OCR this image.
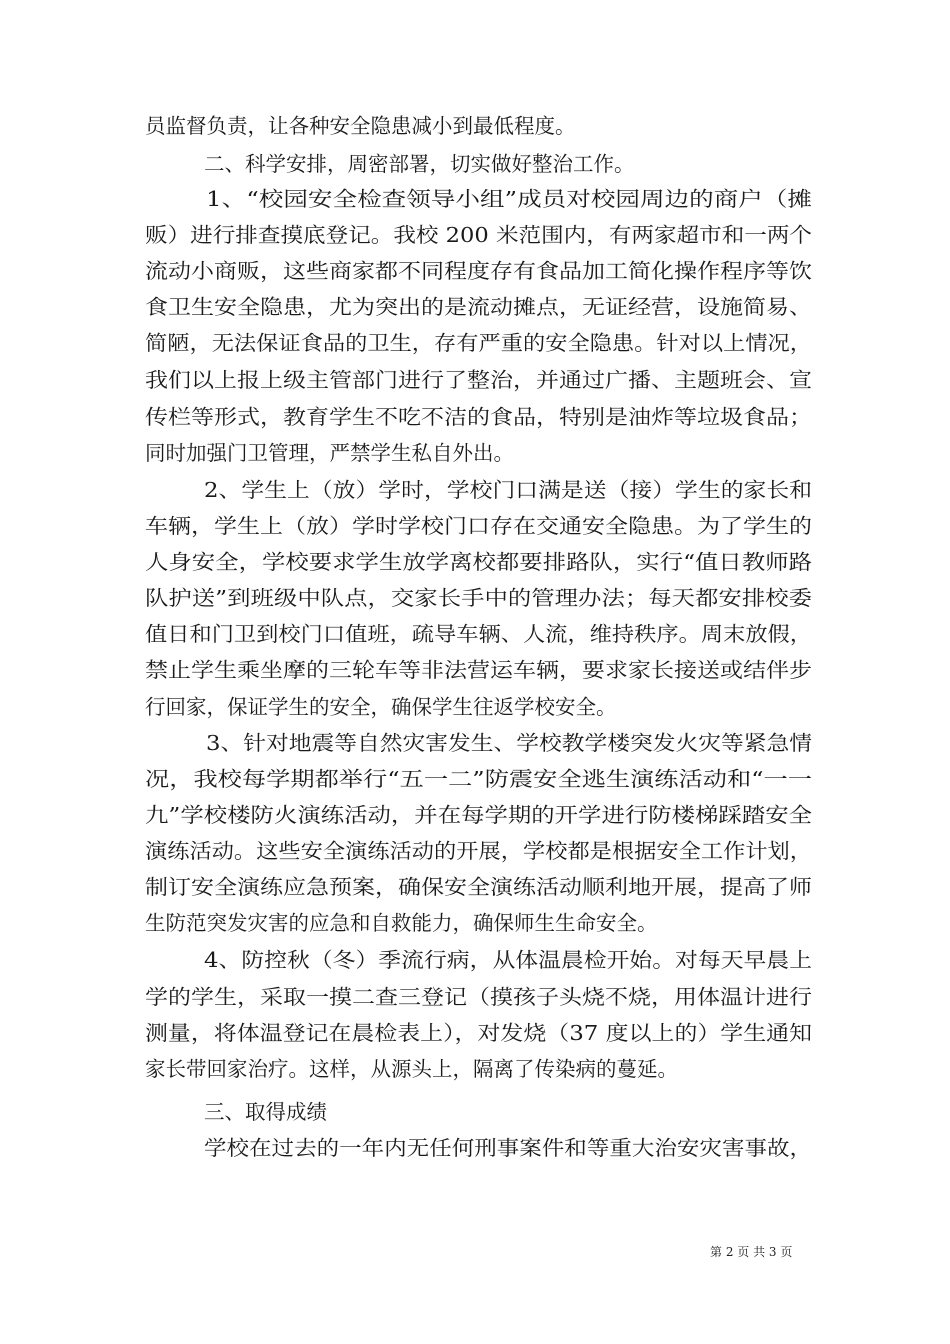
员监督负责，让各种安全隐患减小到最低程度。
二、科学安排，周密部署，切实做好整治工作。
1、“校园安全检查领导小组”成员对校园周边的商户（摊
贩）进行排查摸底登记。我校 200 米范围内，有两家超市和一两个
流动小商贩，这些商家都不同程度存有食品加工简化操作程序等饮
食卫生安全隐患，尤为突出的是流动摊点，无证经营，设施简易、
简陋，无法保证食品的卫生，存有严重的安全隐患。针对以上情况，
我们以上报上级主管部门进行了整治，并通过广播、主题班会、宣
传栏等形式，教育学生不吃不洁的食品，特别是油炸等垃圾食品；
同时加强门卫管理，严禁学生私自外出。
2、学生上（放）学时，学校门口满是送（接）学生的家长和
车辆，学生上（放）学时学校门口存在交通安全隐患。为了学生的
人身安全，学校要求学生放学离校都要排路队，实行“值日教师路
队护送”到班级中队点，交家长手中的管理办法；每天都安排校委
值日和门卫到校门口值班，疏导车辆、人流，维持秩序。周末放假，
禁止学生乘坐摩的三轮车等非法营运车辆，要求家长接送或结伴步
行回家，保证学生的安全，确保学生往返学校安全。
3、针对地震等自然灾害发生、学校教学楼突发火灾等紧急情
况，我校每学期都举行“五一二”防震安全逃生演练活动和“一一
九”学校楼防火演练活动，并在每学期的开学进行防楼梯踩踏安全
演练活动。这些安全演练活动的开展，学校都是根据安全工作计划，
制订安全演练应急预案，确保安全演练活动顺利地开展，提高了师
生防范突发灾害的应急和自救能力，确保师生生命安全。
4、防控秋（冬）季流行病，从体温晨检开始。对每天早晨上
学的学生，采取一摸二查三登记（摸孩子头烧不烧，用体温计进行
测量，将体温登记在晨检表上），对发烧（37 度以上的）学生通知
家长带回家治疗。这样，从源头上，隔离了传染病的蔓延。
三、取得成绩
学校在过去的一年内无任何刑事案件和等重大治安灾害事故，
第 2 页 共 3 页
